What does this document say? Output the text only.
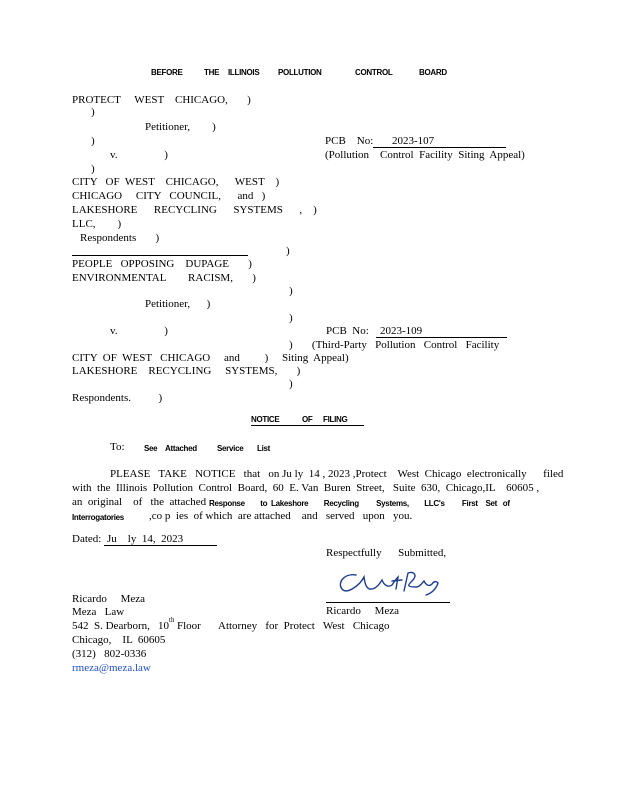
BEFORE	THE ILLINOIS POLLUTION	CONTROL	BOARD
PROTECT     WEST    CHICAGO,       )
)
Petitioner,        )
)	PCB    No: 2023-107
(Pollution    Control  Facility  Siting  Appeal)
v.                 )
)
CITY   OF  WEST    CHICAGO,      WEST    )
CHICAGO     CITY   COUNCIL,      and   )
LAKESHORE      RECYCLING      SYSTEMS      ,    )
LLC,        )
Respondents       )
)
PEOPLE   OPPOSING    DUPAGE       )
ENVIRONMENTAL        RACISM,       )
)
Petitioner,      )
)
v.                 )	PCB  No: 2023-109
)       (Third-Party   Pollution   Control   Facility
CITY  OF  WEST   CHICAGO     and         ) Siting  Appeal)
LAKESHORE    RECYCLING     SYSTEMS,       )
)
Respondents.          )
NOTICE	OF FILING
To: See Attached	Service List
PLEASE   TAKE   NOTICE   that   on Ju ly  14 , 2023 ,Protect    West  Chicago  electronically      filed
with  the  Illinois  Pollution  Control  Board,  60  E. Van  Buren  Street,   Suite  630,  Chicago,IL    60605 ,
an  original    of   the  attached  :
Response        to  Lakeshore        Recycling         Systems,        LLC's         First    Set   of
Interrogatories ,co p  ies  of which  are attached    and   served   upon   you.
Dated: Ju    ly  14,  2023
Respectfully      Submitted,
Ricardo     Meza
Ricardo     Meza
Meza   Law
542  S. Dearborn, 10 th Floor Attorney   for  Protect   West   Chicago
Chicago,    IL  60605
(312)   802-0336
rmeza@meza.law
